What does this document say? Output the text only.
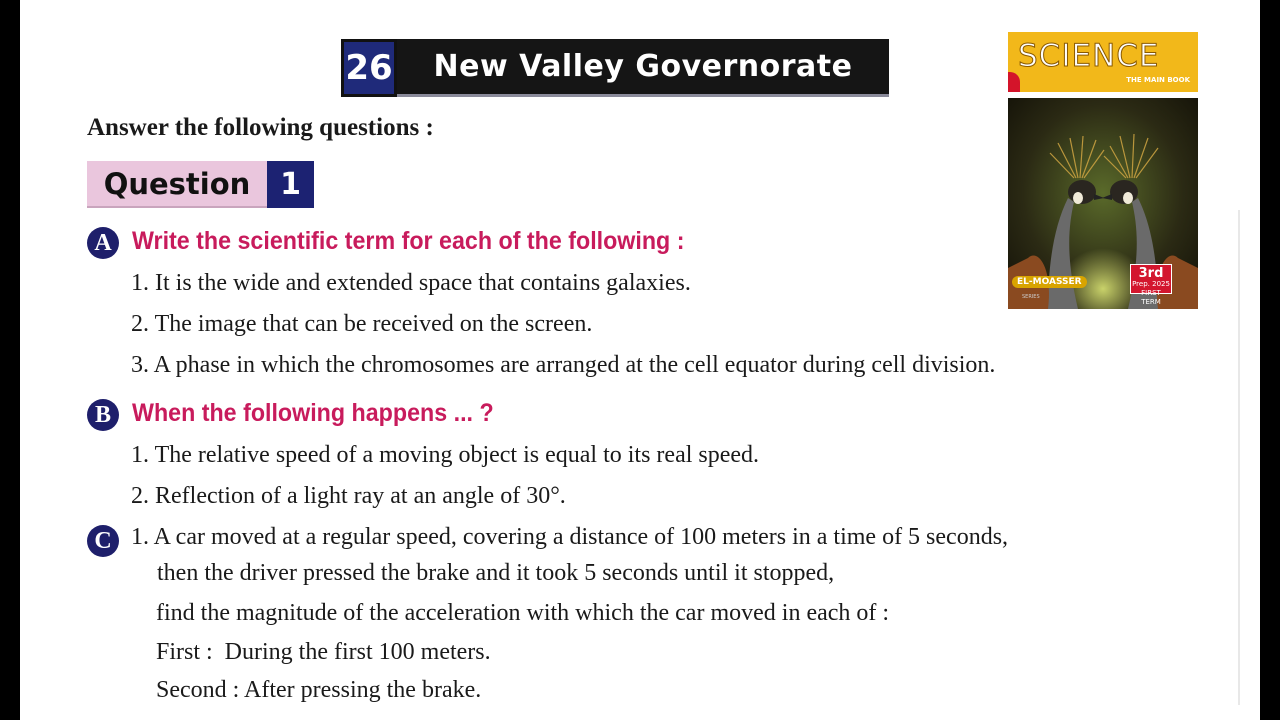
26	New Valley Governorate
Answer the following questions :
Question 1
A Write the scientific term for each of the following :
1. It is the wide and extended space that contains galaxies.
2. The image that can be received on the screen.
3. A phase in which the chromosomes are arranged at the cell equator during cell division.
B When the following happens ... ?
1. The relative speed of a moving object is equal to its real speed.
2. Reflection of a light ray at an angle of 30°.
C 1. A car moved at a regular speed, covering a distance of 100 meters in a time of 5 seconds,
then the driver pressed the brake and it took 5 seconds until it stopped,
find the magnitude of the acceleration with which the car moved in each of :
First :  During the first 100 meters.
Second : After pressing the brake.
SCIENCE
THE MAIN BOOK
EL-MOASSER
SERIES
3rd
Prep. 2025
FIRST TERM
